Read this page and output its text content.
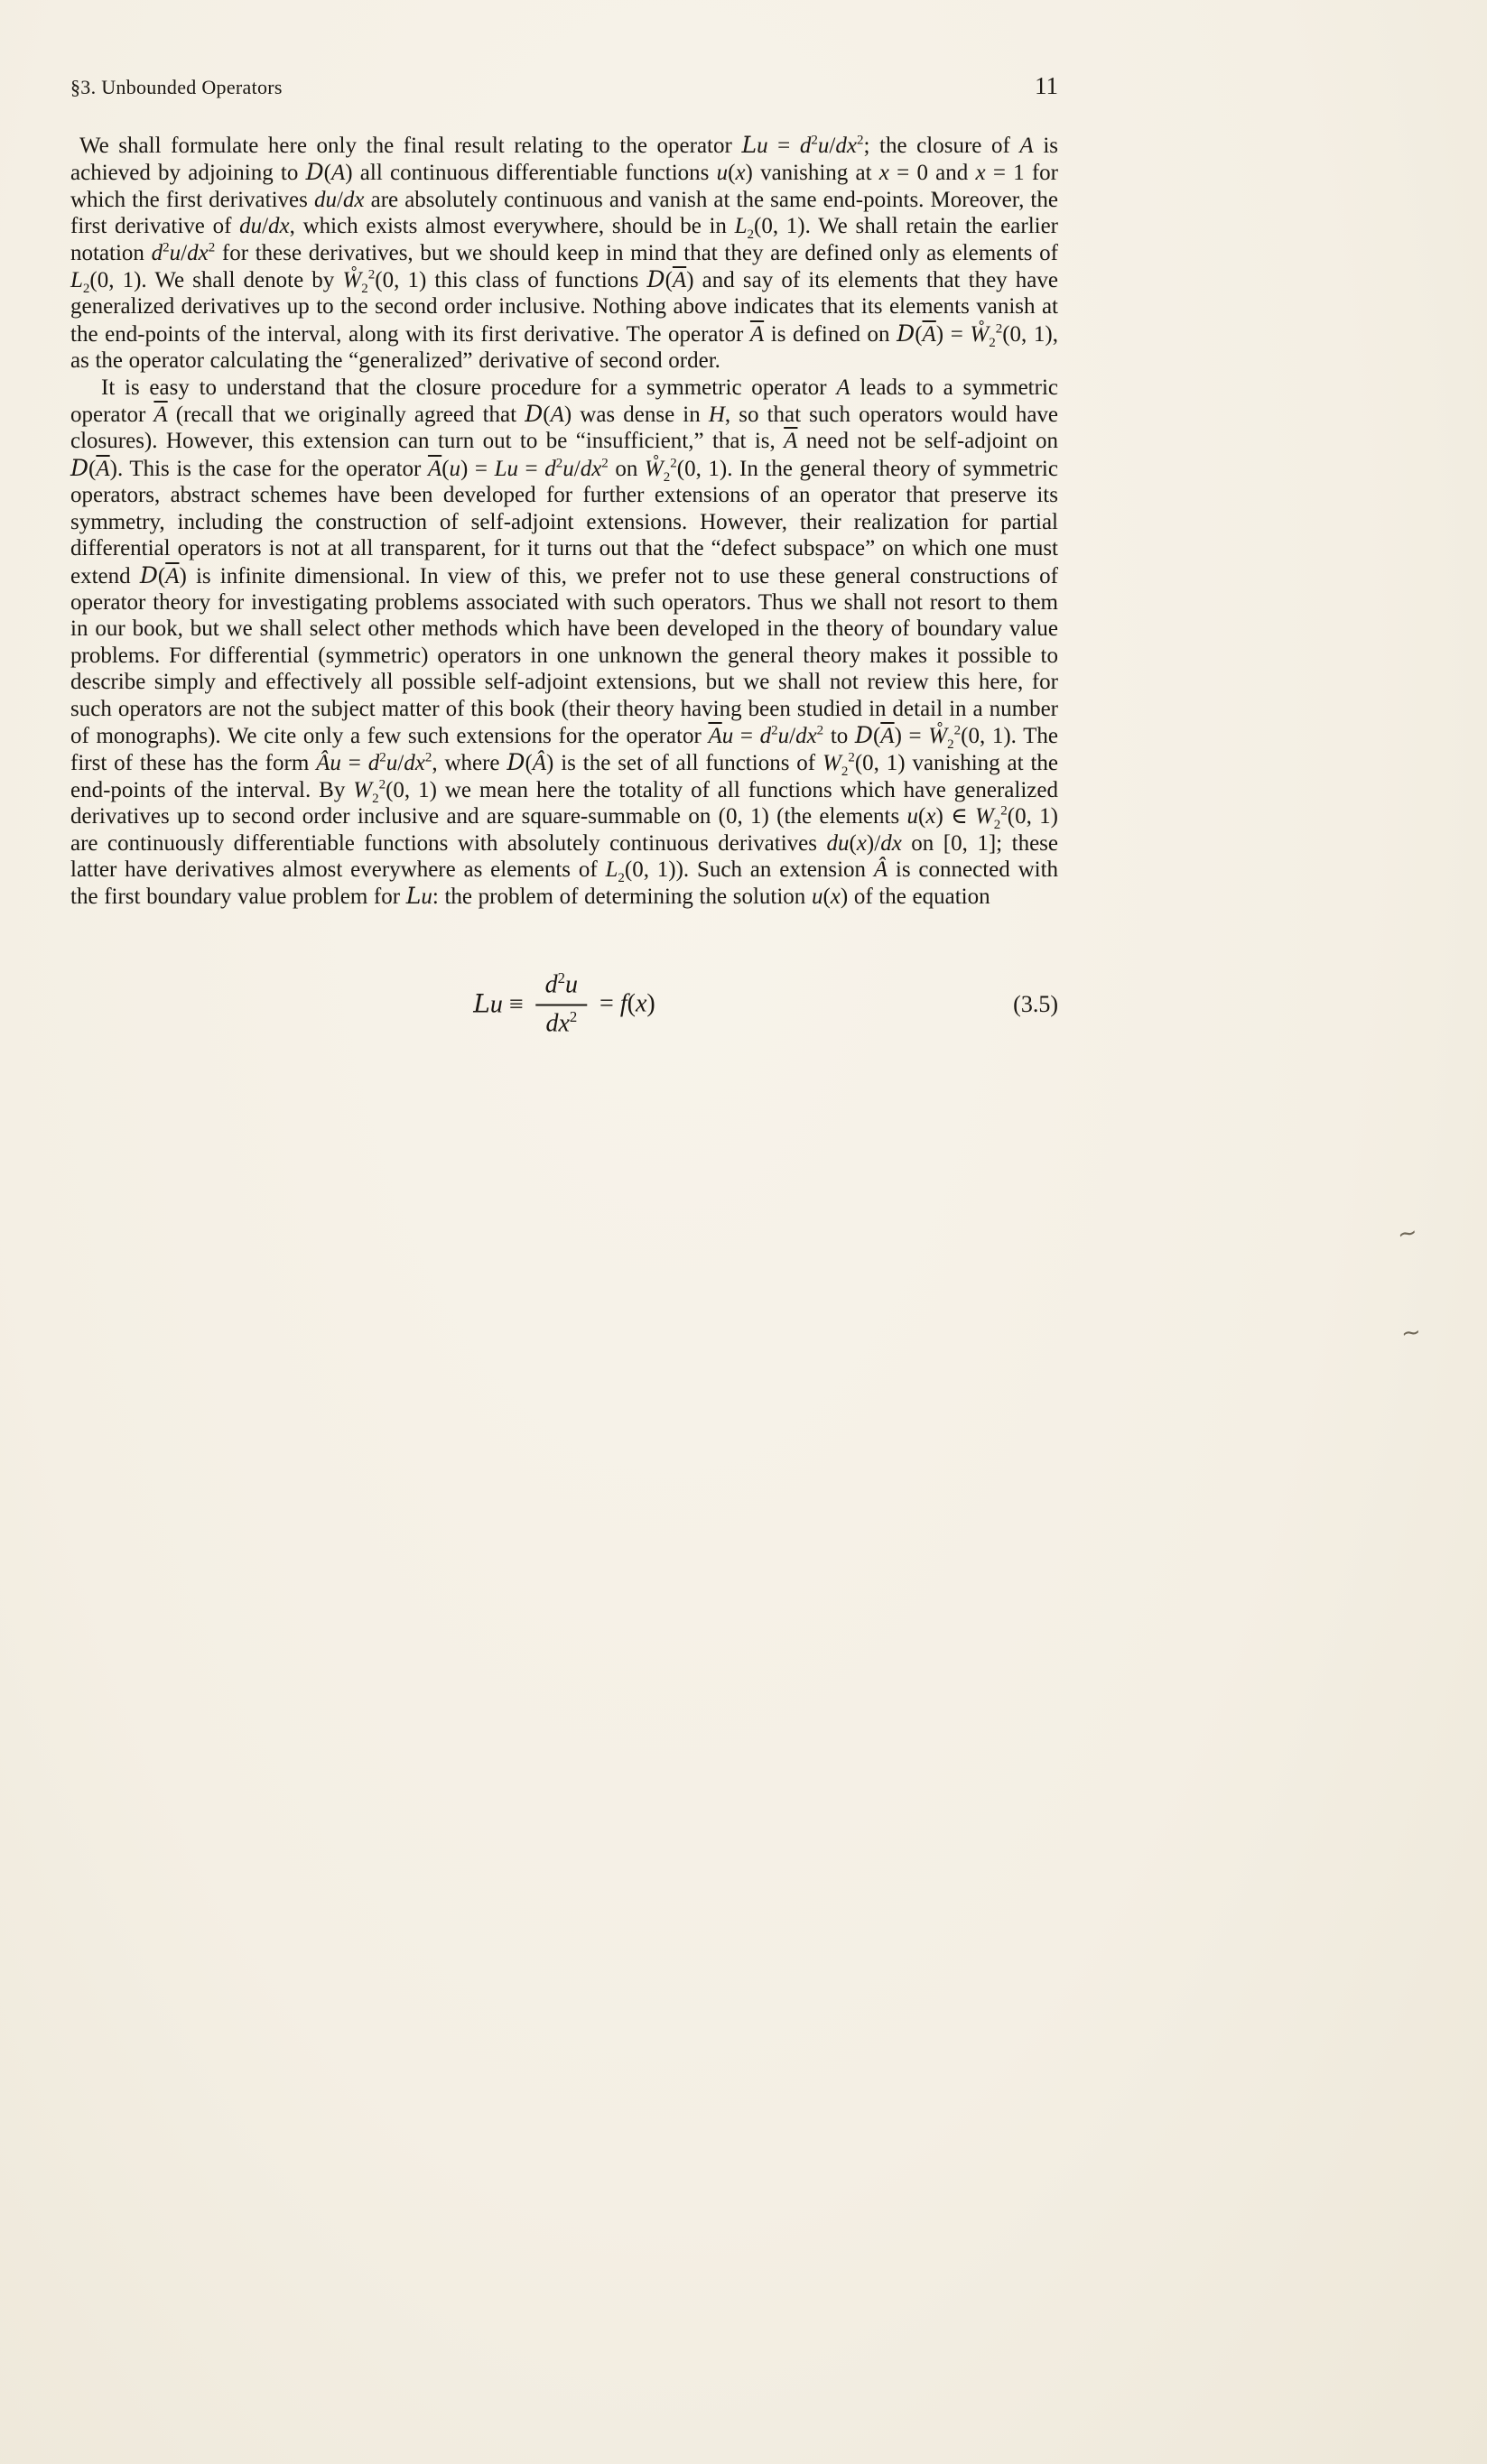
§3. Unbounded Operators	11

We shall formulate here only the final result relating to the operator $Lu = d^2u/dx^2$; the closure of A is achieved by adjoining to D(A) all continuous differentiable functions u(x) vanishing at x = 0 and x = 1 for which the first derivatives du/dx are absolutely continuous and vanish at the same end-points. Moreover, the first derivative of du/dx, which exists almost everywhere, should be in $L_2(0$, 1). We shall retain the earlier notation $d^2u/dx^2$ for these derivatives, but we should keep in mind that they are defined only as elements of $L_2(0$, 1). We shall denote by $W̊_2^2(0$, 1) this class of functions $D(\overline{A})$ and say of its elements that they have generalized derivatives up to the second order inclusive. Nothing above indicates that its elements vanish at the end-points of the interval, along with its first derivative. The operator $\overline{A}$ is defined on $D(\overline{A})$ = $W̊_2^2(0$, 1), as the operator calculating the “generalized” derivative of second order.

It is easy to understand that the closure procedure for a symmetric operator A leads to a symmetric operator $\overline{A}$ (recall that we originally agreed that D(A) was dense in H, so that such operators would have closures). However, this extension can turn out to be “insufficient,” that is, $\overline{A}$ need not be self-adjoint on $D(\overline{A})$. This is the case for the operator $\overline{A}(u) = Lu = d^2u/dx^2$ on $W̊_2^2(0$, 1). In the general theory of symmetric operators, abstract schemes have been developed for further extensions of an operator that preserve its symmetry, including the construction of self-adjoint extensions. However, their realization for partial differential operators is not at all transparent, for it turns out that the “defect subspace” on which one must extend $D(\overline{A})$ is infinite dimensional. In view of this, we prefer not to use these general constructions of operator theory for investigating problems associated with such operators. Thus we shall not resort to them in our book, but we shall select other methods which have been developed in the theory of boundary value problems. For differential (symmetric) operators in one unknown the general theory makes it possible to describe simply and effectively all possible self-adjoint extensions, but we shall not review this here, for such operators are not the subject matter of this book (their theory having been studied in detail in a number of monographs). We cite only a few such extensions for the operator $\overline{A}u = d^2u/dx^2$ to $D(\overline{A})$ = $W̊_2^2(0$, 1). The first of these has the form Âu = $d^2u/dx^2$, where D(Â) is the set of all functions of $W_2^2(0$, 1) vanishing at the end-points of the interval. By $W_2^2(0$, 1) we mean here the totality of all functions which have generalized derivatives up to second order inclusive and are square-summable on (0, 1) (the elements u(x) ∈ $W_2^2(0$, 1) are continuously differentiable functions with absolutely continuous derivatives du(x)/dx on [0, 1]; these latter have derivatives almost everywhere as elements of $L_2(0$, 1)). Such an extension Â is connected with the first boundary value problem for Lu: the problem of determining the solution u(x) of the equation

$Lu \equiv \frac{d^2u}{dx^2} = f(x)$	(3.5)
~
~
